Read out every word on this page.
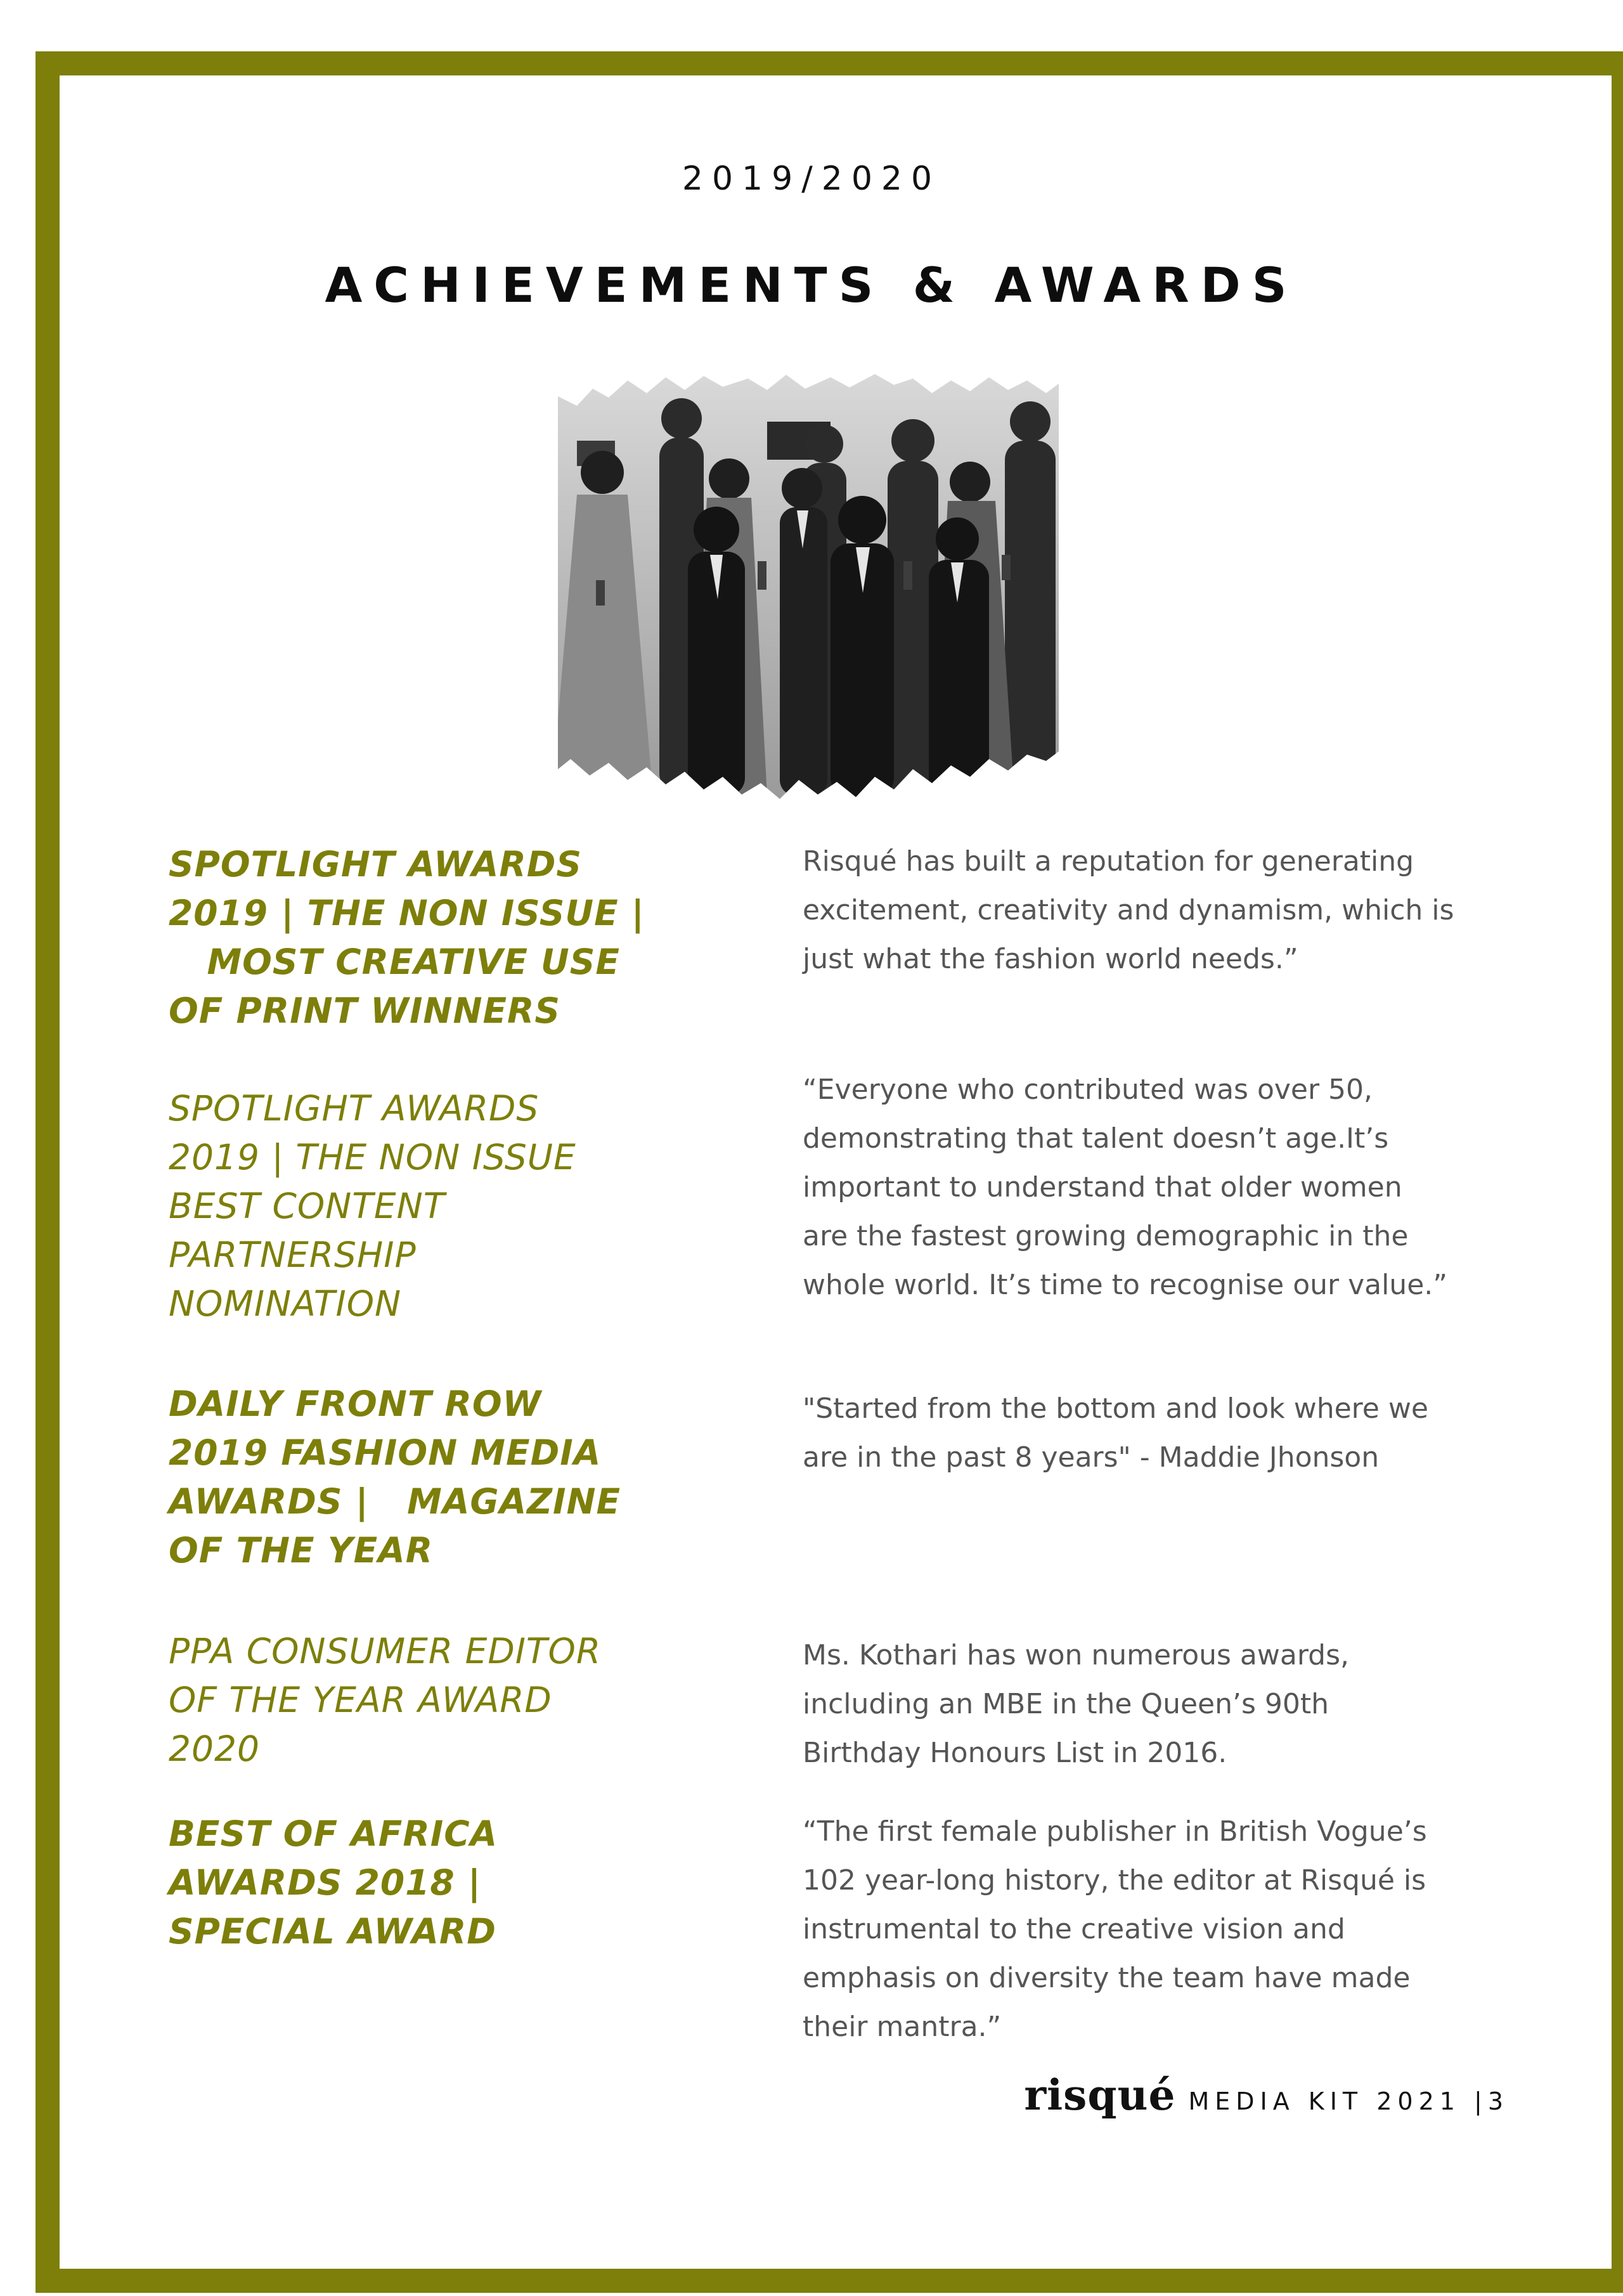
2019/2020
ACHIEVEMENTS & AWARDS
SPOTLIGHT AWARDS
2019 | THE NON ISSUE |
MOST CREATIVE USE
OF PRINT WINNERS
SPOTLIGHT AWARDS
2019 | THE NON ISSUE
BEST CONTENT
PARTNERSHIP
NOMINATION
DAILY FRONT ROW
2019 FASHION MEDIA
AWARDS |   MAGAZINE
OF THE YEAR
PPA CONSUMER EDITOR
OF THE YEAR AWARD
2020
BEST OF AFRICA
AWARDS 2018 |
SPECIAL AWARD
Risqué has built a reputation for generating
excitement, creativity and dynamism, which is
just what the fashion world needs.”
“Everyone who contributed was over 50,
demonstrating that talent doesn’t age.It’s
important to understand that older women
are the fastest growing demographic in the
whole world. It’s time to recognise our value.”
"Started from the bottom and look where we
are in the past 8 years" - Maddie Jhonson
Ms. Kothari has won numerous awards,
including an MBE in the Queen’s 90th
Birthday Honours List in 2016.
“The first female publisher in British Vogue’s
102 year-long history, the editor at Risqué is
instrumental to the creative vision and
emphasis on diversity the team have made
their mantra.”
risqué MEDIA KIT 2021 |3
